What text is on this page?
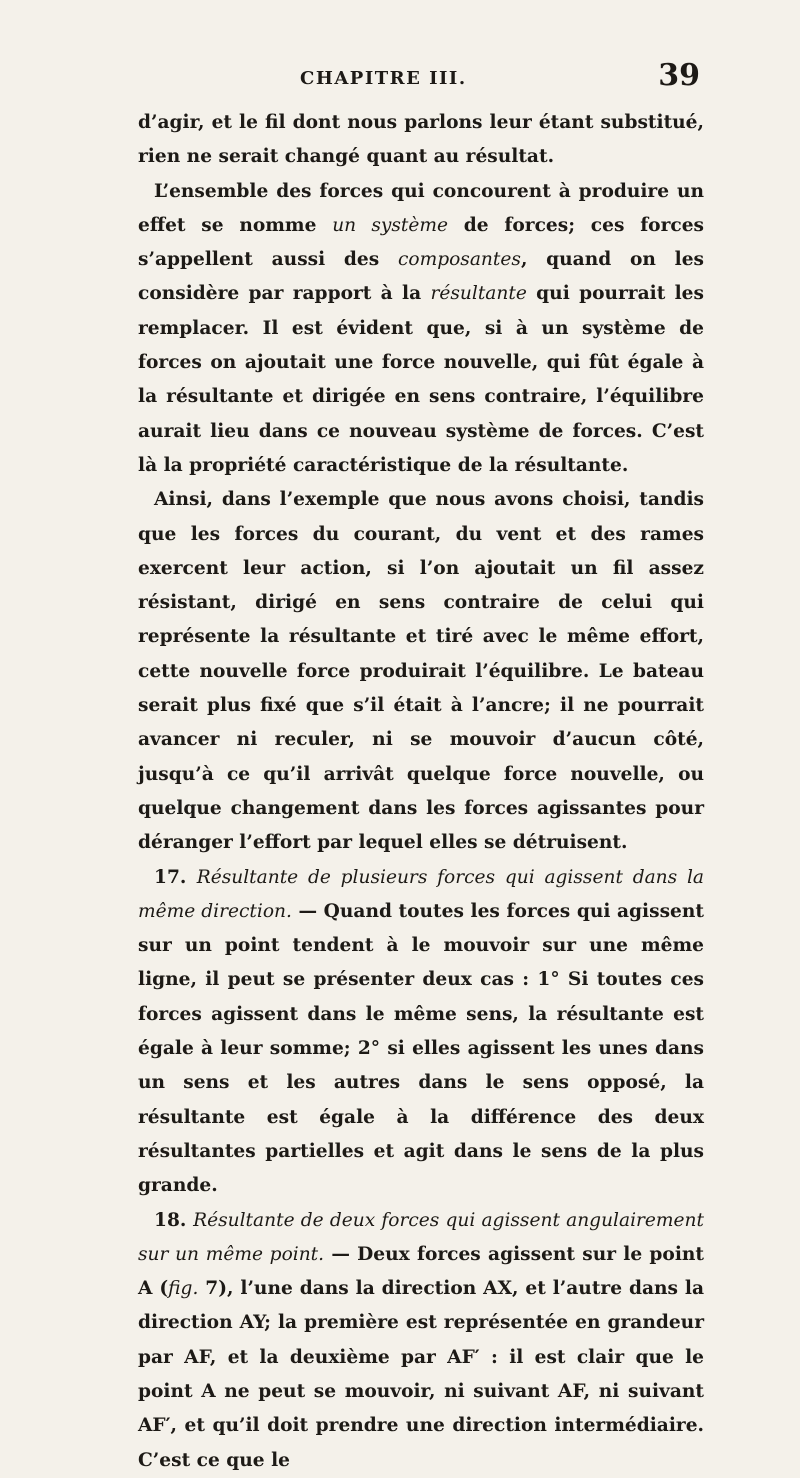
CHAPITRE III.	39

d’agir, et le fil dont nous parlons leur étant substitué, rien ne serait changé quant au résultat.

L’ensemble des forces qui concourent à produire un effet se nomme un système de forces; ces forces s’appellent aussi des composantes, quand on les considère par rapport à la résultante qui pourrait les remplacer. Il est évident que, si à un système de forces on ajoutait une force nouvelle, qui fût égale à la résultante et dirigée en sens contraire, l’équilibre aurait lieu dans ce nouveau système de forces. C’est là la propriété caractéristique de la résultante.

Ainsi, dans l’exemple que nous avons choisi, tandis que les forces du courant, du vent et des rames exercent leur action, si l’on ajoutait un fil assez résistant, dirigé en sens contraire de celui qui représente la résultante et tiré avec le même effort, cette nouvelle force produirait l’équilibre. Le bateau serait plus fixé que s’il était à l’ancre; il ne pourrait avancer ni reculer, ni se mouvoir d’aucun côté, jusqu’à ce qu’il arrivât quelque force nouvelle, ou quelque changement dans les forces agissantes pour déranger l’effort par lequel elles se détruisent.

17. Résultante de plusieurs forces qui agissent dans la même direction. — Quand toutes les forces qui agissent sur un point tendent à le mouvoir sur une même ligne, il peut se présenter deux cas : 1° Si toutes ces forces agissent dans le même sens, la résultante est égale à leur somme; 2° si elles agissent les unes dans un sens et les autres dans le sens opposé, la résultante est égale à la différence des deux résultantes partielles et agit dans le sens de la plus grande.

18. Résultante de deux forces qui agissent angulairement sur un même point. — Deux forces agissent sur le point A (fig. 7), l’une dans la direction AX, et l’autre dans la direction AY; la première est représentée en grandeur par AF, et la deuxième par AF′ : il est clair que le point A ne peut se mouvoir, ni suivant AF, ni suivant AF′, et qu’il doit prendre une direction intermédiaire. C’est ce que le
